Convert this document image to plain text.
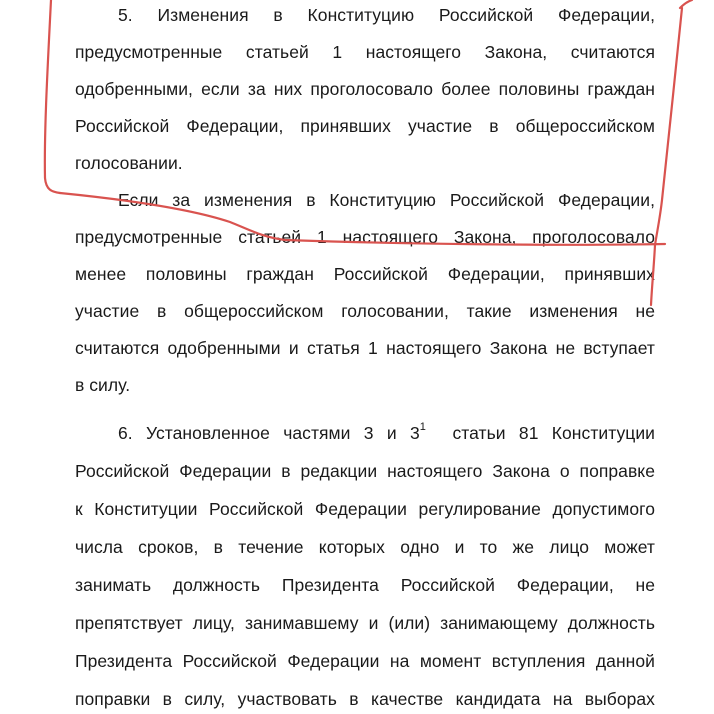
5. Изменения в Конституцию Российской Федерации,
предусмотренные статьей 1 настоящего Закона, считаются
одобренными, если за них проголосовало более половины граждан
Российской Федерации, принявших участие в общероссийском
голосовании.
Если за изменения в Конституцию Российской Федерации,
предусмотренные статьей 1 настоящего Закона, проголосовало
менее половины граждан Российской Федерации, принявших
участие в общероссийском голосовании, такие изменения не
считаются одобренными и статья 1 настоящего Закона не вступает
в силу.
6. Установленное частями 3 и $3^1$  статьи 81 Конституции
Российской Федерации в редакции настоящего Закона о поправке
к Конституции Российской Федерации регулирование допустимого
числа сроков, в течение которых одно и то же лицо может
занимать должность Президента Российской Федерации, не
препятствует лицу, занимавшему и (или) занимающему должность
Президента Российской Федерации на момент вступления данной
поправки в силу, участвовать в качестве кандидата на выборах
